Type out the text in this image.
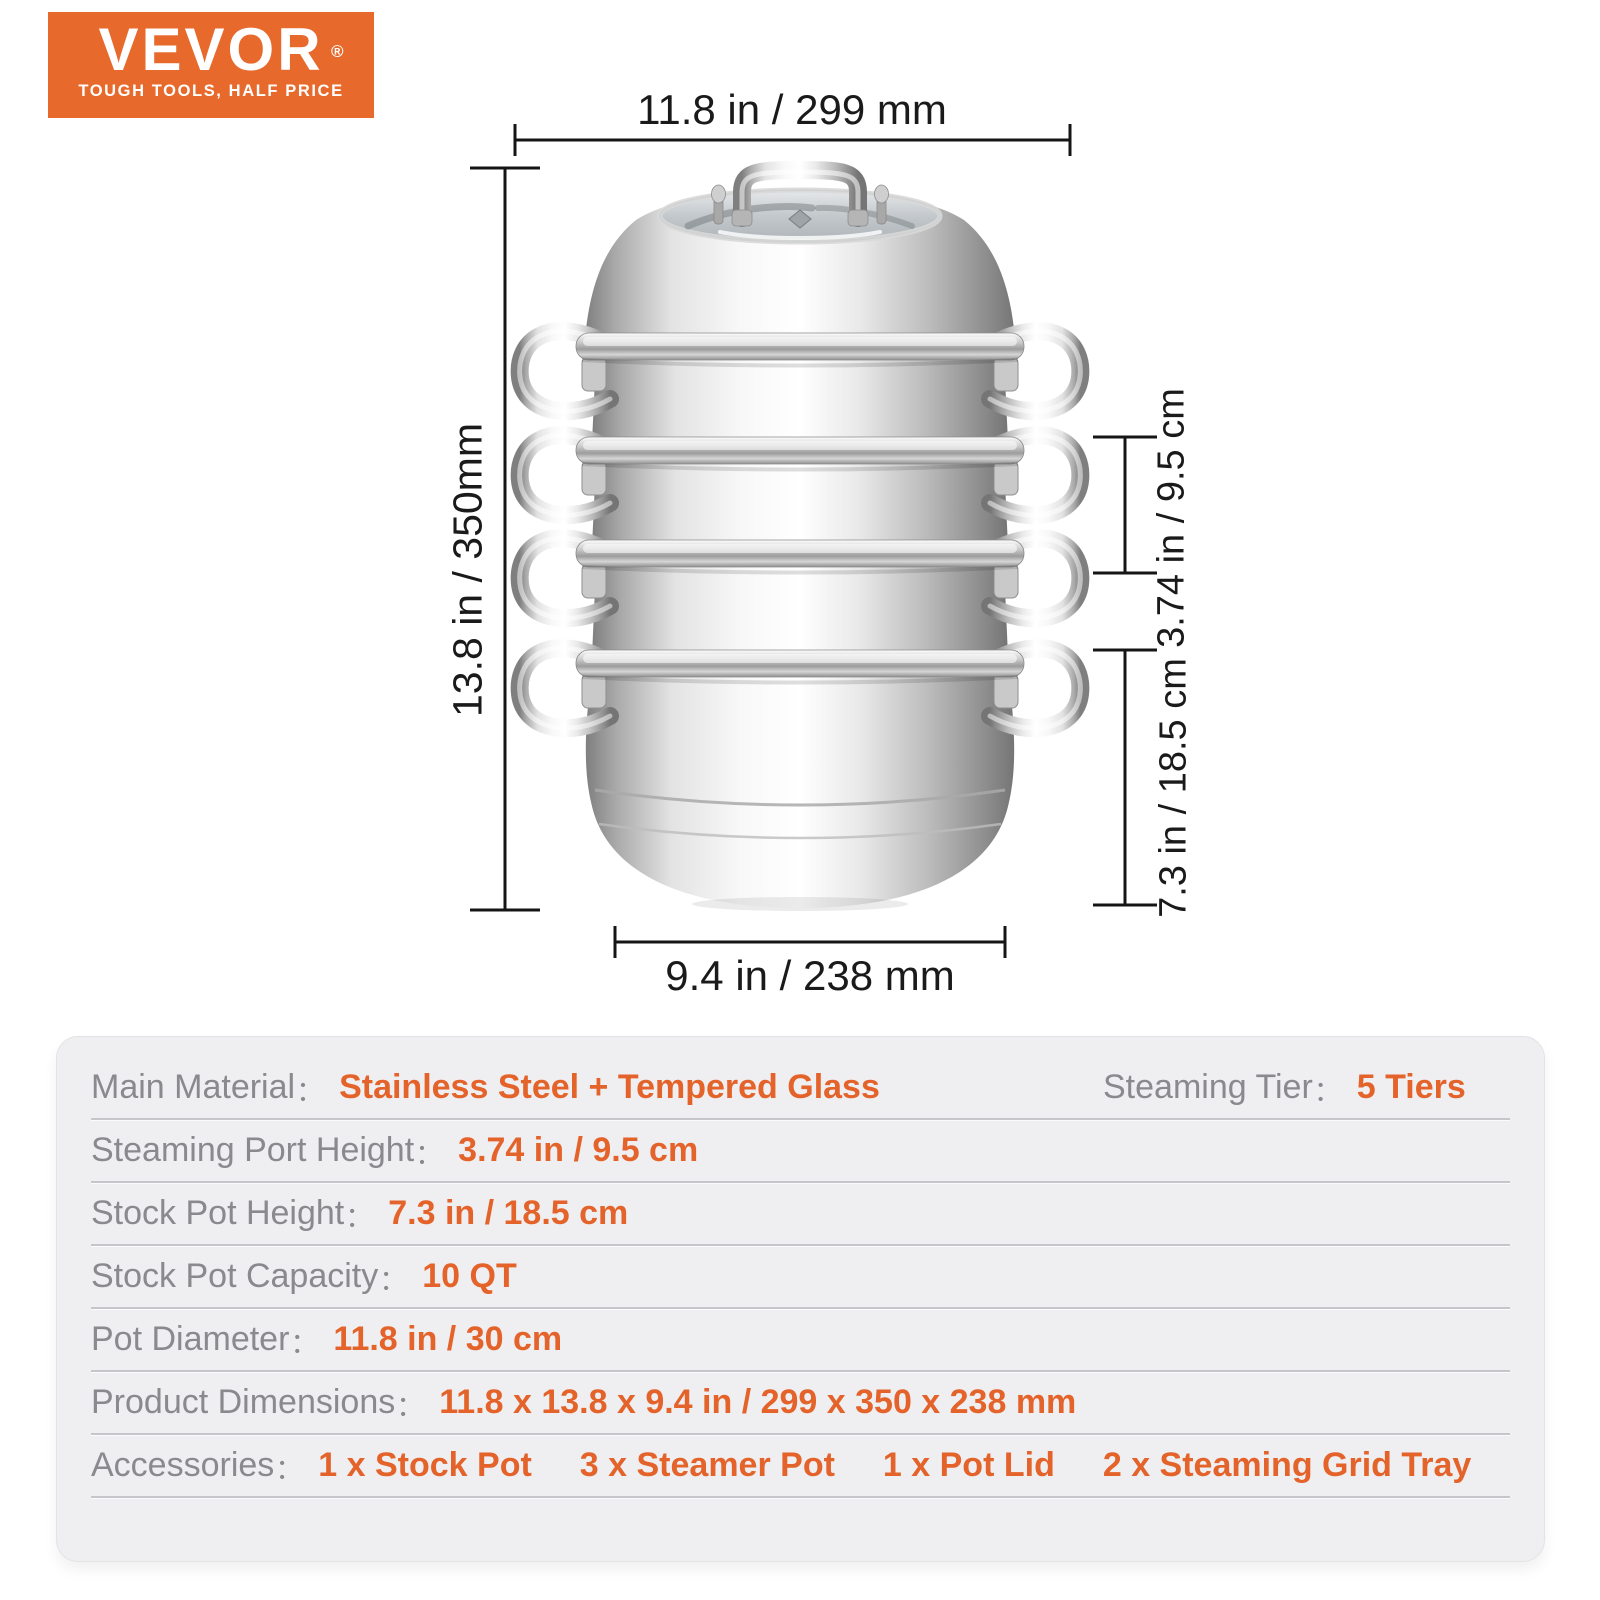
VEVOR ®
TOUGH TOOLS, HALF PRICE	11.8 in / 299 mm
13.8 in / 350mm	3.74 in / 9.5 cm
7.3 in / 18.5 cm
9.4 in / 238 mm
Main Material ： Stainless Steel + Tempered Glass	Steaming Tier ： 5 Tiers
Steaming Port Height ： 3.74 in / 9.5 cm
Stock Pot Height ： 7.3 in / 18.5 cm
Stock Pot Capacity ： 10 QT
Pot Diameter ： 11.8 in / 30 cm
Product Dimensions ： 11.8 x 13.8 x 9.4 in / 299 x 350 x 238 mm
Accessories ： 1 x Stock Pot 3 x Steamer Pot 1 x Pot Lid 2 x Steaming Grid Tray
